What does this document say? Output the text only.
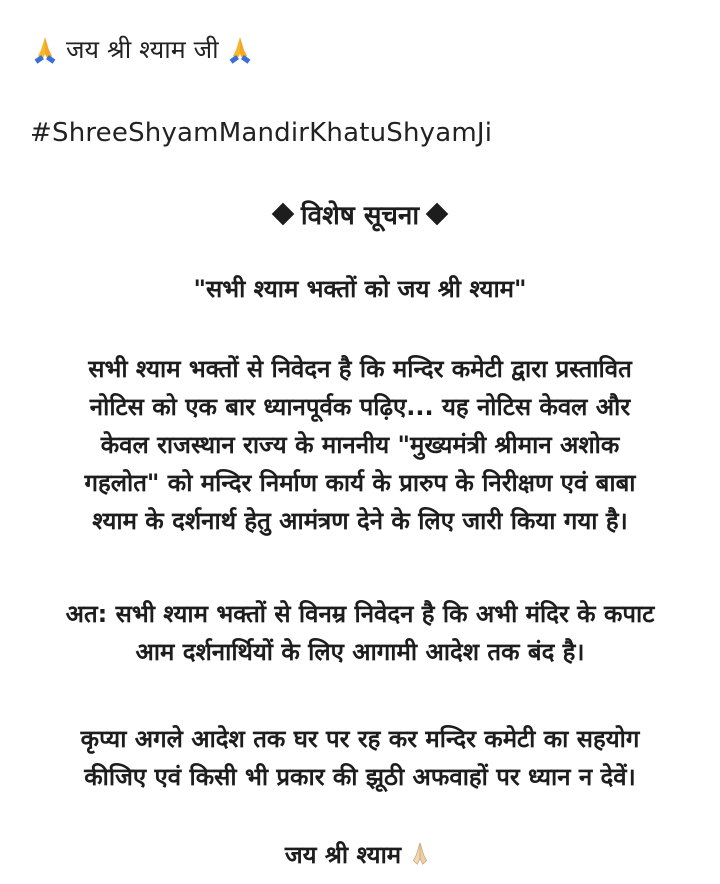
जय श्री श्याम जी
#ShreeShyamMandirKhatuShyamJi
विशेष सूचना
"सभी श्याम भक्तों को जय श्री श्याम"
सभी श्याम भक्तों से निवेदन है कि मन्दिर कमेटी द्वारा प्रस्तावित
नोटिस को एक बार ध्यानपूर्वक पढ़िए... यह नोटिस केवल और
केवल राजस्थान राज्य के माननीय "मुख्यमंत्री श्रीमान अशोक
गहलोत" को मन्दिर निर्माण कार्य के प्रारुप के निरीक्षण एवं बाबा
श्याम के दर्शनार्थ हेतु आमंत्रण देने के लिए जारी किया गया है।
अत: सभी श्याम भक्तों से विनम्र निवेदन है कि अभी मंदिर के कपाट
आम दर्शनार्थियों के लिए आगामी आदेश तक बंद है।
कृप्या अगले आदेश तक घर पर रह कर मन्दिर कमेटी का सहयोग
कीजिए एवं किसी भी प्रकार की झूठी अफवाहों पर ध्यान न देवें।
जय श्री श्याम
